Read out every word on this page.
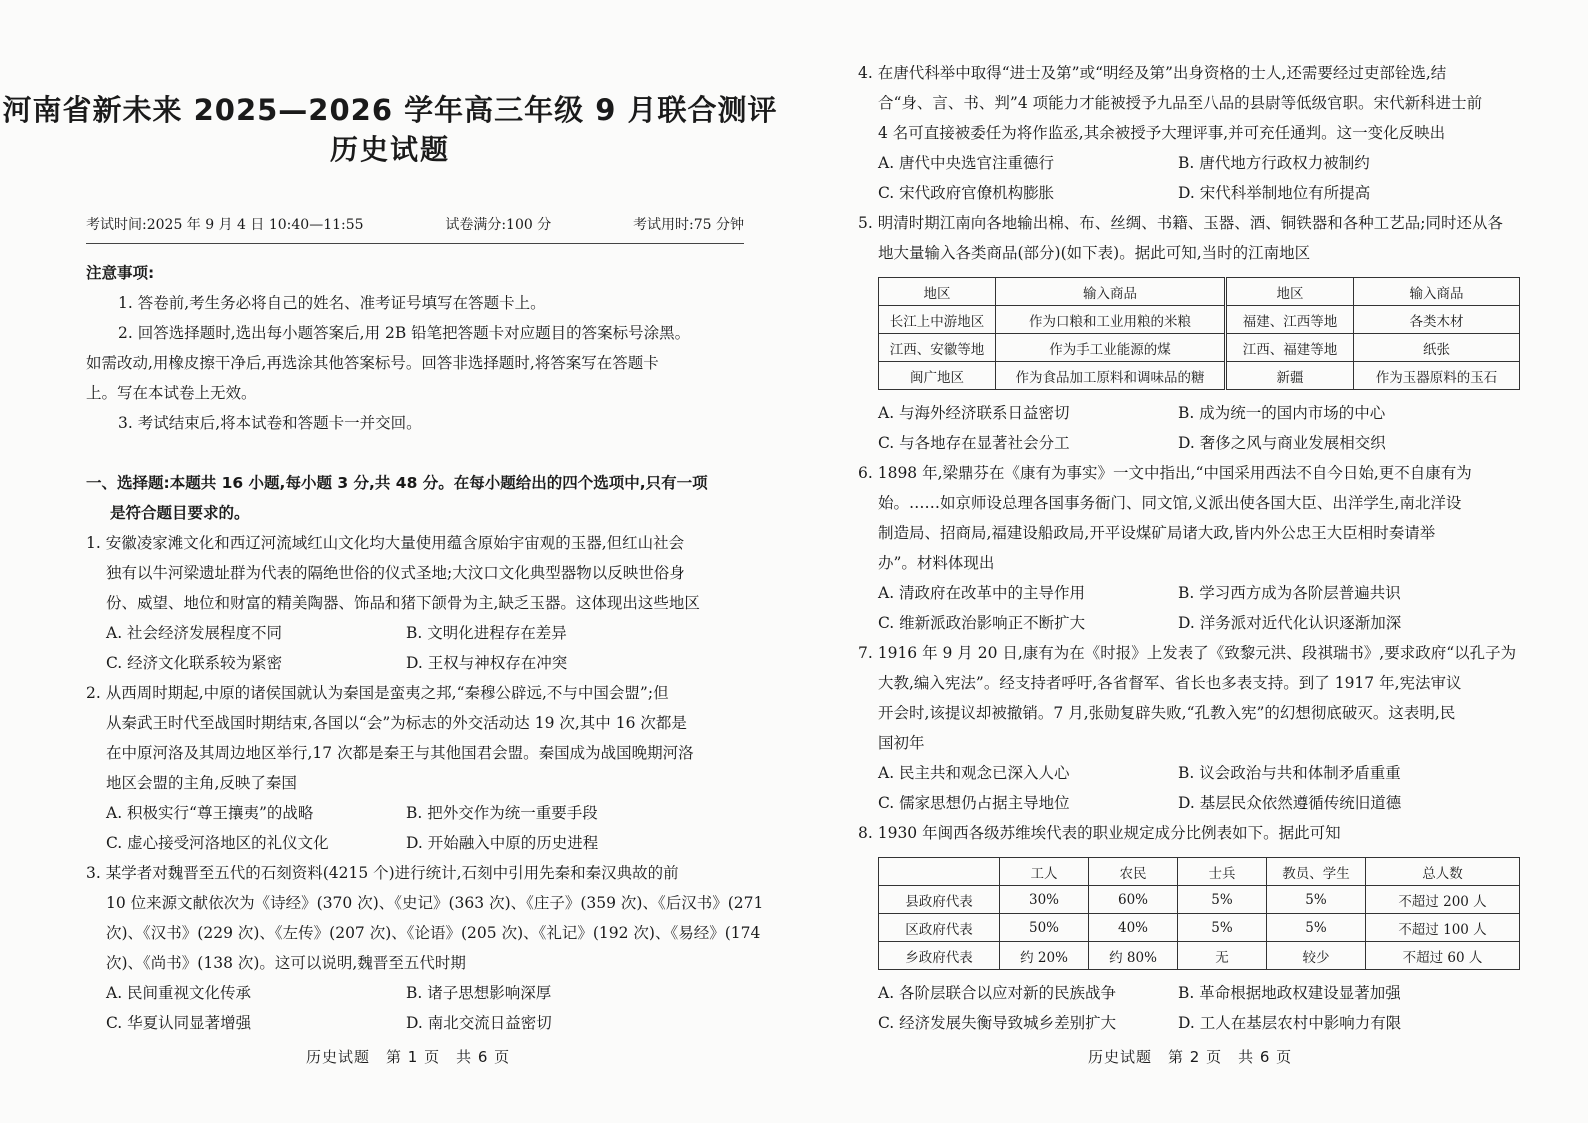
河南省新未来 2025—2026 学年高三年级 9 月联合测评
历史试题
考试时间:2025 年 9 月 4 日 10:40—11:55	试卷满分:100 分	考试用时:75 分钟
注意事项:
1. 答卷前,考生务必将自己的姓名、准考证号填写在答题卡上。
2. 回答选择题时,选出每小题答案后,用 2B 铅笔把答题卡对应题目的答案标号涂黑。
如需改动,用橡皮擦干净后,再选涂其他答案标号。回答非选择题时,将答案写在答题卡
上。写在本试卷上无效。
3. 考试结束后,将本试卷和答题卡一并交回。
一、选择题:本题共 16 小题,每小题 3 分,共 48 分。在每小题给出的四个选项中,只有一项
是符合题目要求的。
1. 安徽凌家滩文化和西辽河流域红山文化均大量使用蕴含原始宇宙观的玉器,但红山社会
独有以牛河梁遗址群为代表的隔绝世俗的仪式圣地;大汶口文化典型器物以反映世俗身
份、威望、地位和财富的精美陶器、饰品和猪下颌骨为主,缺乏玉器。这体现出这些地区
A. 社会经济发展程度不同	B. 文明化进程存在差异
C. 经济文化联系较为紧密	D. 王权与神权存在冲突
2. 从西周时期起,中原的诸侯国就认为秦国是蛮夷之邦,“秦穆公辟远,不与中国会盟”;但
从秦武王时代至战国时期结束,各国以“会”为标志的外交活动达 19 次,其中 16 次都是
在中原河洛及其周边地区举行,17 次都是秦王与其他国君会盟。秦国成为战国晚期河洛
地区会盟的主角,反映了秦国
A. 积极实行“尊王攘夷”的战略	B. 把外交作为统一重要手段
C. 虚心接受河洛地区的礼仪文化	D. 开始融入中原的历史进程
3. 某学者对魏晋至五代的石刻资料(4215 个)进行统计,石刻中引用先秦和秦汉典故的前
10 位来源文献依次为《诗经》(370 次)、《史记》(363 次)、《庄子》(359 次)、《后汉书》(271
次)、《汉书》(229 次)、《左传》(207 次)、《论语》(205 次)、《礼记》(192 次)、《易经》(174
次)、《尚书》(138 次)。这可以说明,魏晋至五代时期
A. 民间重视文化传承	B. 诸子思想影响深厚
C. 华夏认同显著增强	D. 南北交流日益密切
历史试题　第 1 页　共 6 页
4. 在唐代科举中取得“进士及第”或“明经及第”出身资格的士人,还需要经过吏部铨选,结
合“身、言、书、判”4 项能力才能被授予九品至八品的县尉等低级官职。宋代新科进士前
4 名可直接被委任为将作监丞,其余被授予大理评事,并可充任通判。这一变化反映出
A. 唐代中央选官注重德行	B. 唐代地方行政权力被制约
C. 宋代政府官僚机构膨胀	D. 宋代科举制地位有所提高
5. 明清时期江南向各地输出棉、布、丝绸、书籍、玉器、酒、铜铁器和各种工艺品;同时还从各
地大量输入各类商品(部分)(如下表)。据此可知,当时的江南地区
地区	输入商品	地区	输入商品
长江上中游地区	作为口粮和工业用粮的米粮	福建、江西等地	各类木材
江西、安徽等地	作为手工业能源的煤	江西、福建等地	纸张
闽广地区	作为食品加工原料和调味品的糖	新疆	作为玉器原料的玉石
A. 与海外经济联系日益密切	B. 成为统一的国内市场的中心
C. 与各地存在显著社会分工	D. 奢侈之风与商业发展相交织
6. 1898 年,梁鼎芬在《康有为事实》一文中指出,“中国采用西法不自今日始,更不自康有为
始。……如京师设总理各国事务衙门、同文馆,义派出使各国大臣、出洋学生,南北洋设
制造局、招商局,福建设船政局,开平设煤矿局诸大政,皆内外公忠王大臣相时奏请举
办”。材料体现出
A. 清政府在改革中的主导作用	B. 学习西方成为各阶层普遍共识
C. 维新派政治影响正不断扩大	D. 洋务派对近代化认识逐渐加深
7. 1916 年 9 月 20 日,康有为在《时报》上发表了《致黎元洪、段祺瑞书》,要求政府“以孔子为
大教,编入宪法”。经支持者呼吁,各省督军、省长也多表支持。到了 1917 年,宪法审议
开会时,该提议却被撤销。7 月,张勋复辟失败,“孔教入宪”的幻想彻底破灭。这表明,民
国初年
A. 民主共和观念已深入人心	B. 议会政治与共和体制矛盾重重
C. 儒家思想仍占据主导地位	D. 基层民众依然遵循传统旧道德
8. 1930 年闽西各级苏维埃代表的职业规定成分比例表如下。据此可知
	工人	农民	士兵	教员、学生	总人数
县政府代表	30%	60%	5%	5%	不超过 200 人
区政府代表	50%	40%	5%	5%	不超过 100 人
乡政府代表	约 20%	约 80%	无	较少	不超过 60 人
A. 各阶层联合以应对新的民族战争	B. 革命根据地政权建设显著加强
C. 经济发展失衡导致城乡差别扩大	D. 工人在基层农村中影响力有限
历史试题　第 2 页　共 6 页
